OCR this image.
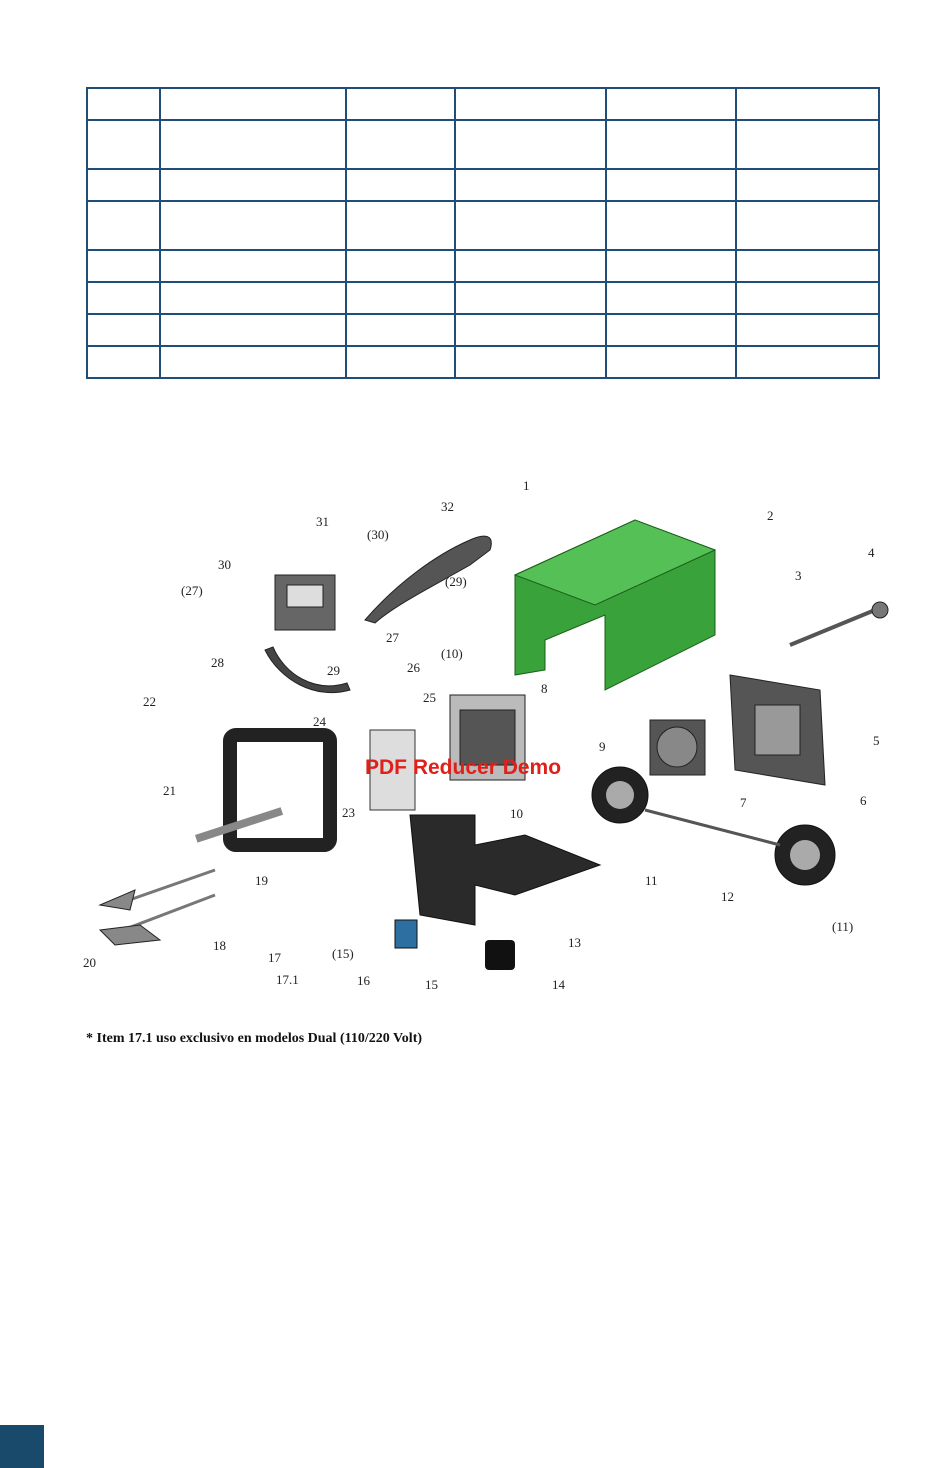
1
2
3
4
5
6
7
8
9
10
(10)
11
(11)
12
13
14
15
(15)
16
17
17.1
18
19
20
21
22
23
24
25
26
27
(27)
28
29
(29)
30
(30)
31
32
PDF Reducer Demo
* Item 17.1 uso exclusivo en modelos Dual (110/220 Volt)
